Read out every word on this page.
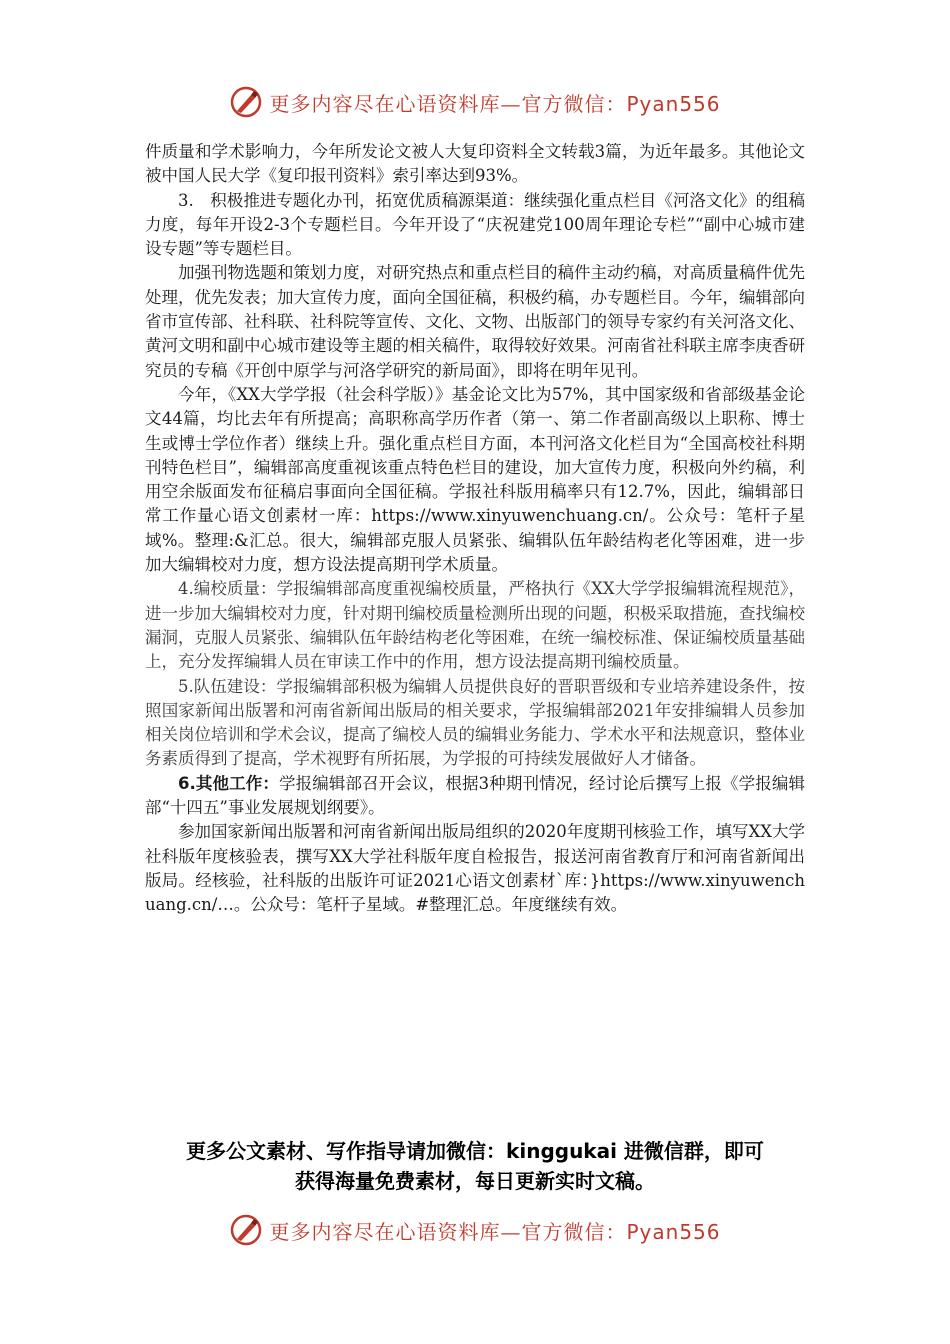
更多内容尽在心语资料库—官方微信：Pyan556

件质量和学术影响力，今年所发论文被人大复印资料全文转载3篇，为近年最多。其他论文被中国人民大学《复印报刊资料》索引率达到93%。

3.　积极推进专题化办刊，拓宽优质稿源渠道：继续强化重点栏目《河洛文化》的组稿力度，每年开设2-3个专题栏目。今年开设了“庆祝建党100周年理论专栏”“副中心城市建设专题”等专题栏目。

加强刊物选题和策划力度，对研究热点和重点栏目的稿件主动约稿，对高质量稿件优先处理，优先发表；加大宣传力度，面向全国征稿，积极约稿，办专题栏目。今年，编辑部向省市宣传部、社科联、社科院等宣传、文化、文物、出版部门的领导专家约有关河洛文化、黄河文明和副中心城市建设等主题的相关稿件，取得较好效果。河南省社科联主席李庚香研究员的专稿《开创中原学与河洛学研究的新局面》，即将在明年见刊。

今年，《XX大学学报（社会科学版）》基金论文比为57%，其中国家级和省部级基金论文44篇，均比去年有所提高；高职称高学历作者（第一、第二作者副高级以上职称、博士生或博士学位作者）继续上升。强化重点栏目方面，本刊河洛文化栏目为“全国高校社科期刊特色栏目”，编辑部高度重视该重点特色栏目的建设，加大宣传力度，积极向外约稿，利用空余版面发布征稿启事面向全国征稿。学报社科版用稿率只有12.7%，因此，编辑部日常工作量心语文创素材一库：https://www.xinyuwenchuang.cn/。公众号：笔杆子星域%。整理:&汇总。很大，编辑部克服人员紧张、编辑队伍年龄结构老化等困难，进一步加大编辑校对力度，想方设法提高期刊学术质量。

4.编校质量：学报编辑部高度重视编校质量，严格执行《XX大学学报编辑流程规范》，进一步加大编辑校对力度，针对期刊编校质量检测所出现的问题，积极采取措施，查找编校漏洞，克服人员紧张、编辑队伍年龄结构老化等困难，在统一编校标准、保证编校质量基础上，充分发挥编辑人员在审读工作中的作用，想方设法提高期刊编校质量。

5.队伍建设：学报编辑部积极为编辑人员提供良好的晋职晋级和专业培养建设条件，按照国家新闻出版署和河南省新闻出版局的相关要求，学报编辑部2021年安排编辑人员参加相关岗位培训和学术会议，提高了编校人员的编辑业务能力、学术水平和法规意识，整体业务素质得到了提高，学术视野有所拓展，为学报的可持续发展做好人才储备。

6.其他工作：学报编辑部召开会议，根据3种期刊情况，经讨论后撰写上报《学报编辑部“十四五”事业发展规划纲要》。

参加国家新闻出版署和河南省新闻出版局组织的2020年度期刊核验工作，填写XX大学社科版年度核验表，撰写XX大学社科版年度自检报告，报送河南省教育厅和河南省新闻出版局。经核验，社科版的出版许可证2021心语文创素材`库：}https://www.xinyuwenchuang.cn/…。公众号：笔杆子星域。#整理汇总。年度继续有效。

更多公文素材、写作指导请加微信：kinggukai 进微信群，即可
获得海量免费素材，每日更新实时文稿。
更多内容尽在心语资料库—官方微信：Pyan556
